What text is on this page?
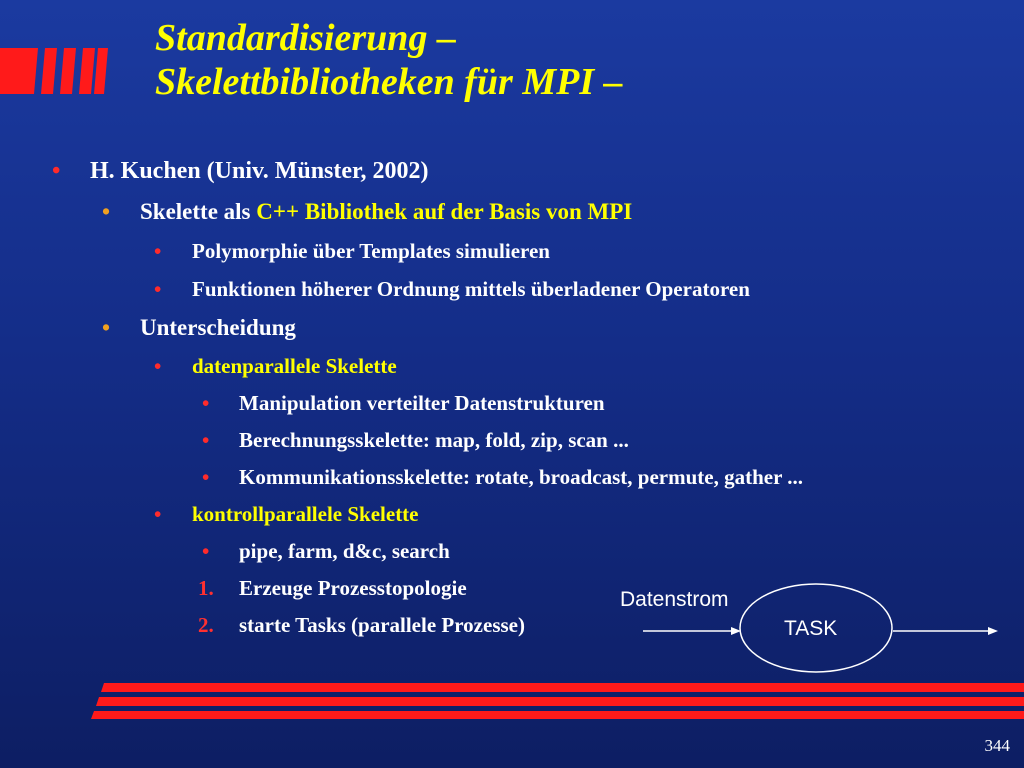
Standardisierung –
Skelettbibliotheken für MPI –
•	H. Kuchen (Univ. Münster, 2002)
•	Skelette als C++ Bibliothek auf der Basis von MPI
•	Polymorphie über Templates simulieren
•	Funktionen höherer Ordnung mittels überladener Operatoren
•	Unterscheidung
•	datenparallele Skelette
•	Manipulation verteilter Datenstrukturen
•	Berechnungsskelette: map, fold, zip, scan ...
•	Kommunikationsskelette: rotate, broadcast, permute, gather ...
•	kontrollparallele Skelette
•	pipe, farm, d&c, search
1.	Erzeuge Prozesstopologie
2.	starte Tasks (parallele Prozesse)
Datenstrom
TASK
344
